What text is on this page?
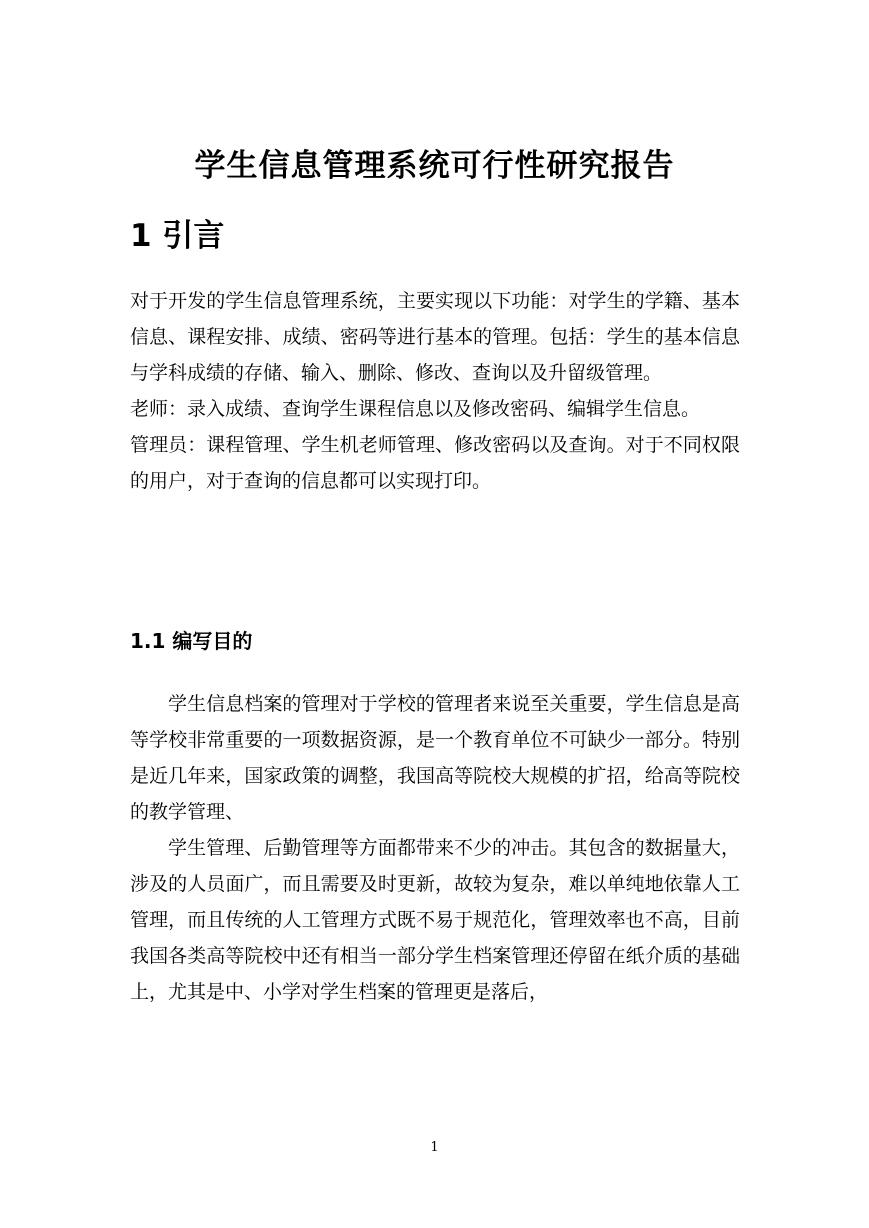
学生信息管理系统可行性研究报告
1 引言

对于开发的学生信息管理系统，主要实现以下功能：对学生的学籍、基本信息、课程安排、成绩、密码等进行基本的管理。包括：学生的基本信息与学科成绩的存储、输入、删除、修改、查询以及升留级管理。

老师：录入成绩、查询学生课程信息以及修改密码、编辑学生信息。

管理员：课程管理、学生机老师管理、修改密码以及查询。对于不同权限的用户，对于查询的信息都可以实现打印。

1.1 编写目的

学生信息档案的管理对于学校的管理者来说至关重要，学生信息是高等学校非常重要的一项数据资源，是一个教育单位不可缺少一部分。特别是近几年来，国家政策的调整，我国高等院校大规模的扩招，给高等院校的教学管理、

学生管理、后勤管理等方面都带来不少的冲击。其包含的数据量大，涉及的人员面广，而且需要及时更新，故较为复杂，难以单纯地依靠人工管理，而且传统的人工管理方式既不易于规范化，管理效率也不高，目前我国各类高等院校中还有相当一部分学生档案管理还停留在纸介质的基础上，尤其是中、小学对学生档案的管理更是落后，

1
